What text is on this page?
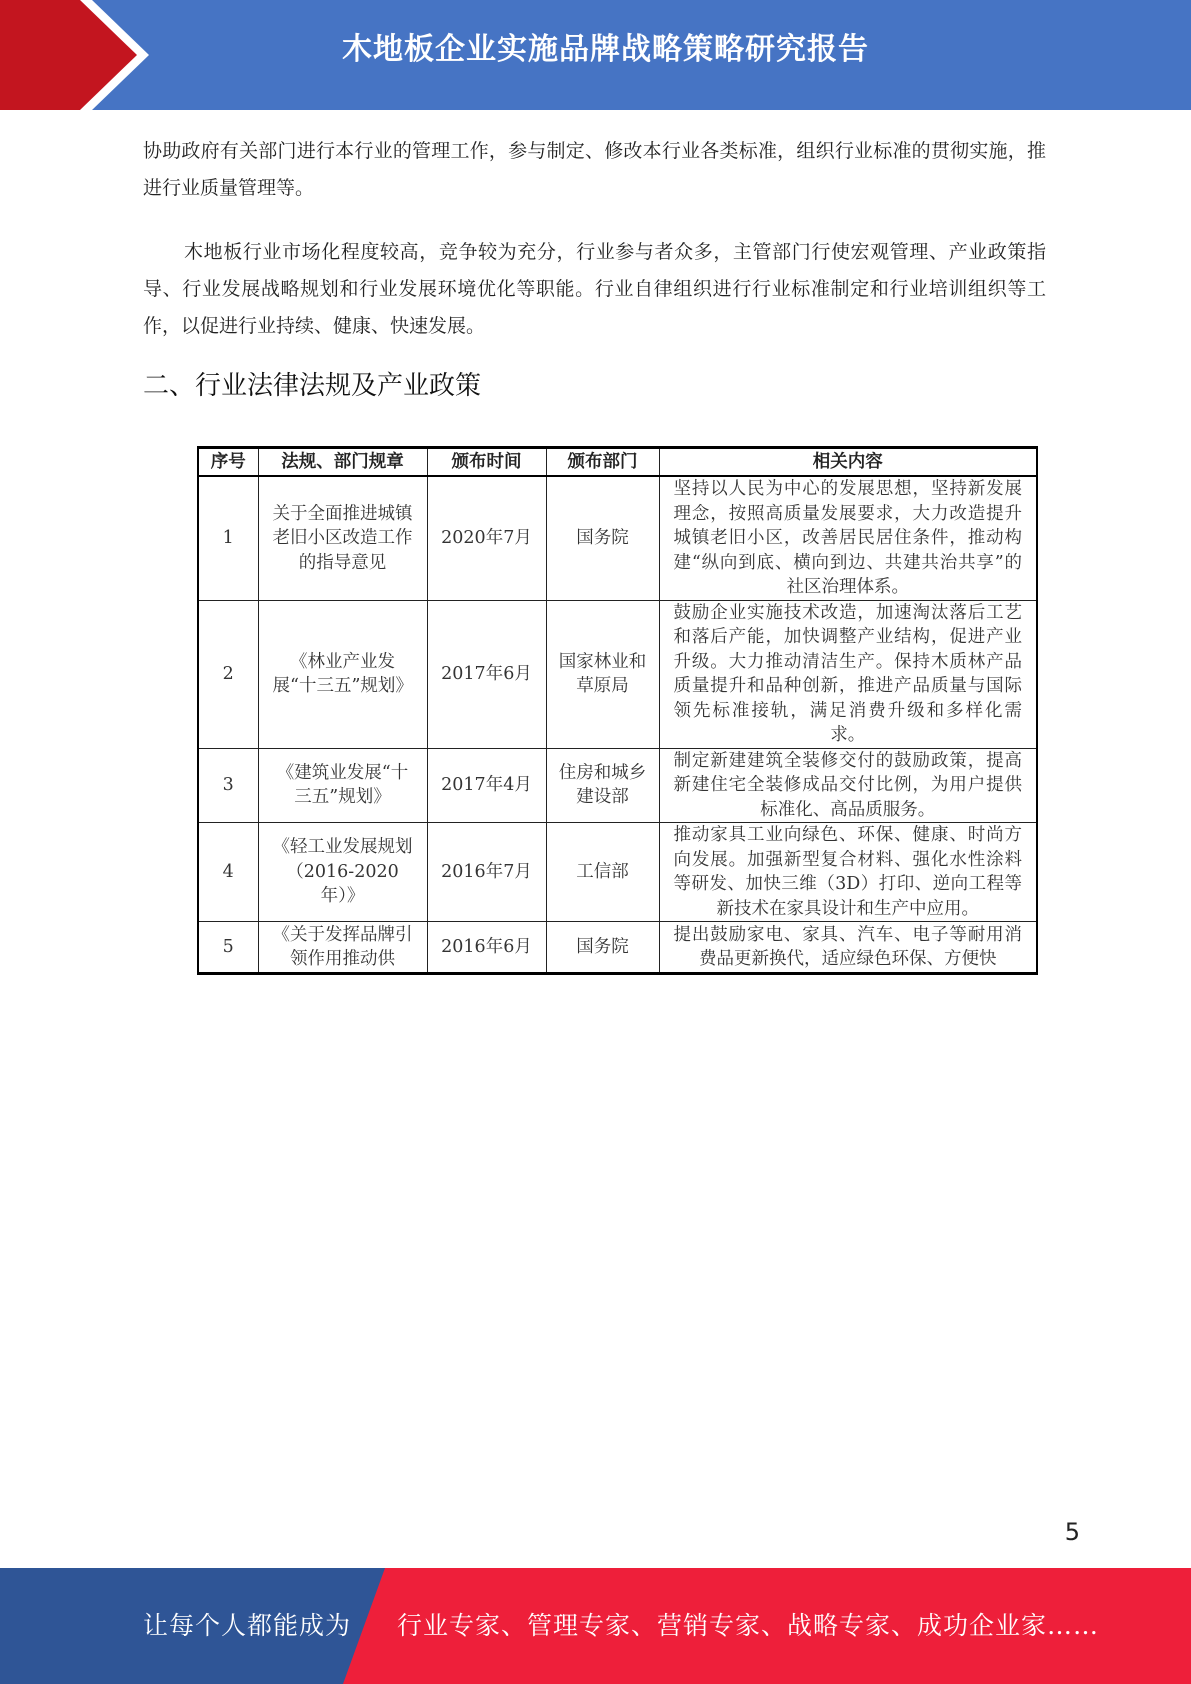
木地板企业实施品牌战略策略研究报告

协助政府有关部门进行本行业的管理工作，参与制定、修改本行业各类标准，组织行业标准的贯彻实施，推进行业质量管理等。

木地板行业市场化程度较高，竞争较为充分，行业参与者众多，主管部门行使宏观管理、产业政策指导、行业发展战略规划和行业发展环境优化等职能。行业自律组织进行行业标准制定和行业培训组织等工作，以促进行业持续、健康、快速发展。

二、行业法律法规及产业政策
序号	法规、部门规章	颁布时间	颁布部门	相关内容
1	关于全面推进城镇老旧小区改造工作的指导意见	2020年7月	国务院	坚持以人民为中心的发展思想，坚持新发展理念，按照高质量发展要求，大力改造提升城镇老旧小区，改善居民居住条件，推动构建“纵向到底、横向到边、共建共治共享”的社区治理体系。
2	《林业产业发展“十三五”规划》	2017年6月	国家林业和草原局	鼓励企业实施技术改造，加速淘汰落后工艺和落后产能，加快调整产业结构，促进产业升级。大力推动清洁生产。保持木质林产品质量提升和品种创新，推进产品质量与国际领先标准接轨，满足消费升级和多样化需求。
3	《建筑业发展“十三五”规划》	2017年4月	住房和城乡建设部	制定新建建筑全装修交付的鼓励政策，提高新建住宅全装修成品交付比例，为用户提供标准化、高品质服务。
4	《轻工业发展规划（2016-2020年）》	2016年7月	工信部	推动家具工业向绿色、环保、健康、时尚方向发展。加强新型复合材料、强化水性涂料等研发、加快三维（3D）打印、逆向工程等新技术在家具设计和生产中应用。
5	《关于发挥品牌引领作用推动供	2016年6月	国务院	提出鼓励家电、家具、汽车、电子等耐用消费品更新换代，适应绿色环保、方便快
5
让每个人都能成为 行业专家、管理专家、营销专家、战略专家、成功企业家……
